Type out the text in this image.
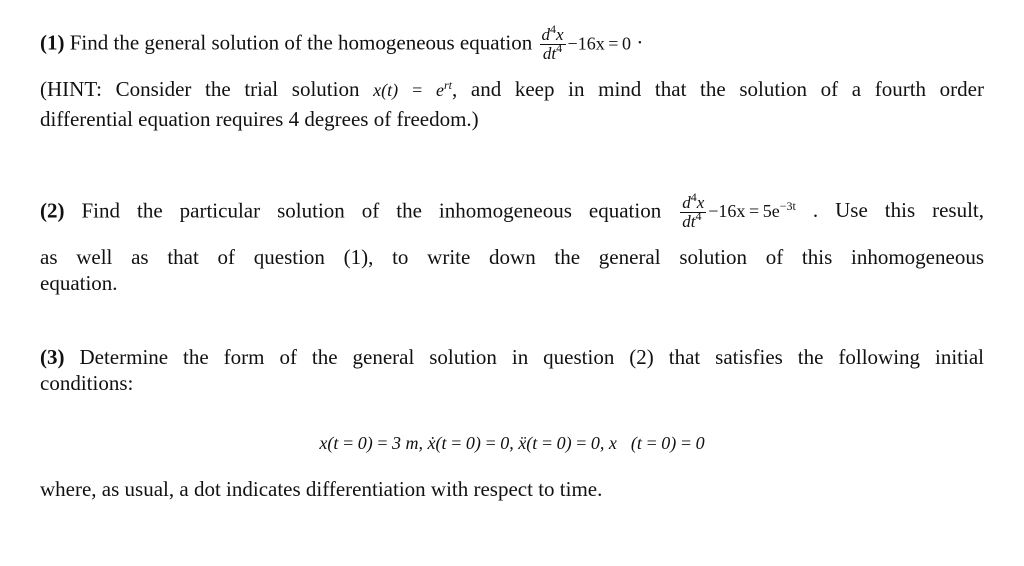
(1) Find the general solution of the homogeneous equation $\frac{d^4x}{dt^4} -16x = 0$ ·
(HINT: Consider the trial solution $x(t) = e^{rt}$, and keep in mind that the solution of a fourth order
differential equation requires 4 degrees of freedom.)
(2) Find the particular solution of the inhomogeneous equation $\frac{d^4x}{dt^4} -16x = 5e^{-3t}$ . Use this result,
as well as that of question (1), to write down the general solution of this inhomogeneous
equation.
(3) Determine the form of the general solution in question (2) that satisfies the following initial
conditions:
x(t = 0) = 3 m, ẋ(t = 0) = 0, ẍ(t = 0) = 0, x⃛(t = 0) = 0
where, as usual, a dot indicates differentiation with respect to time.
